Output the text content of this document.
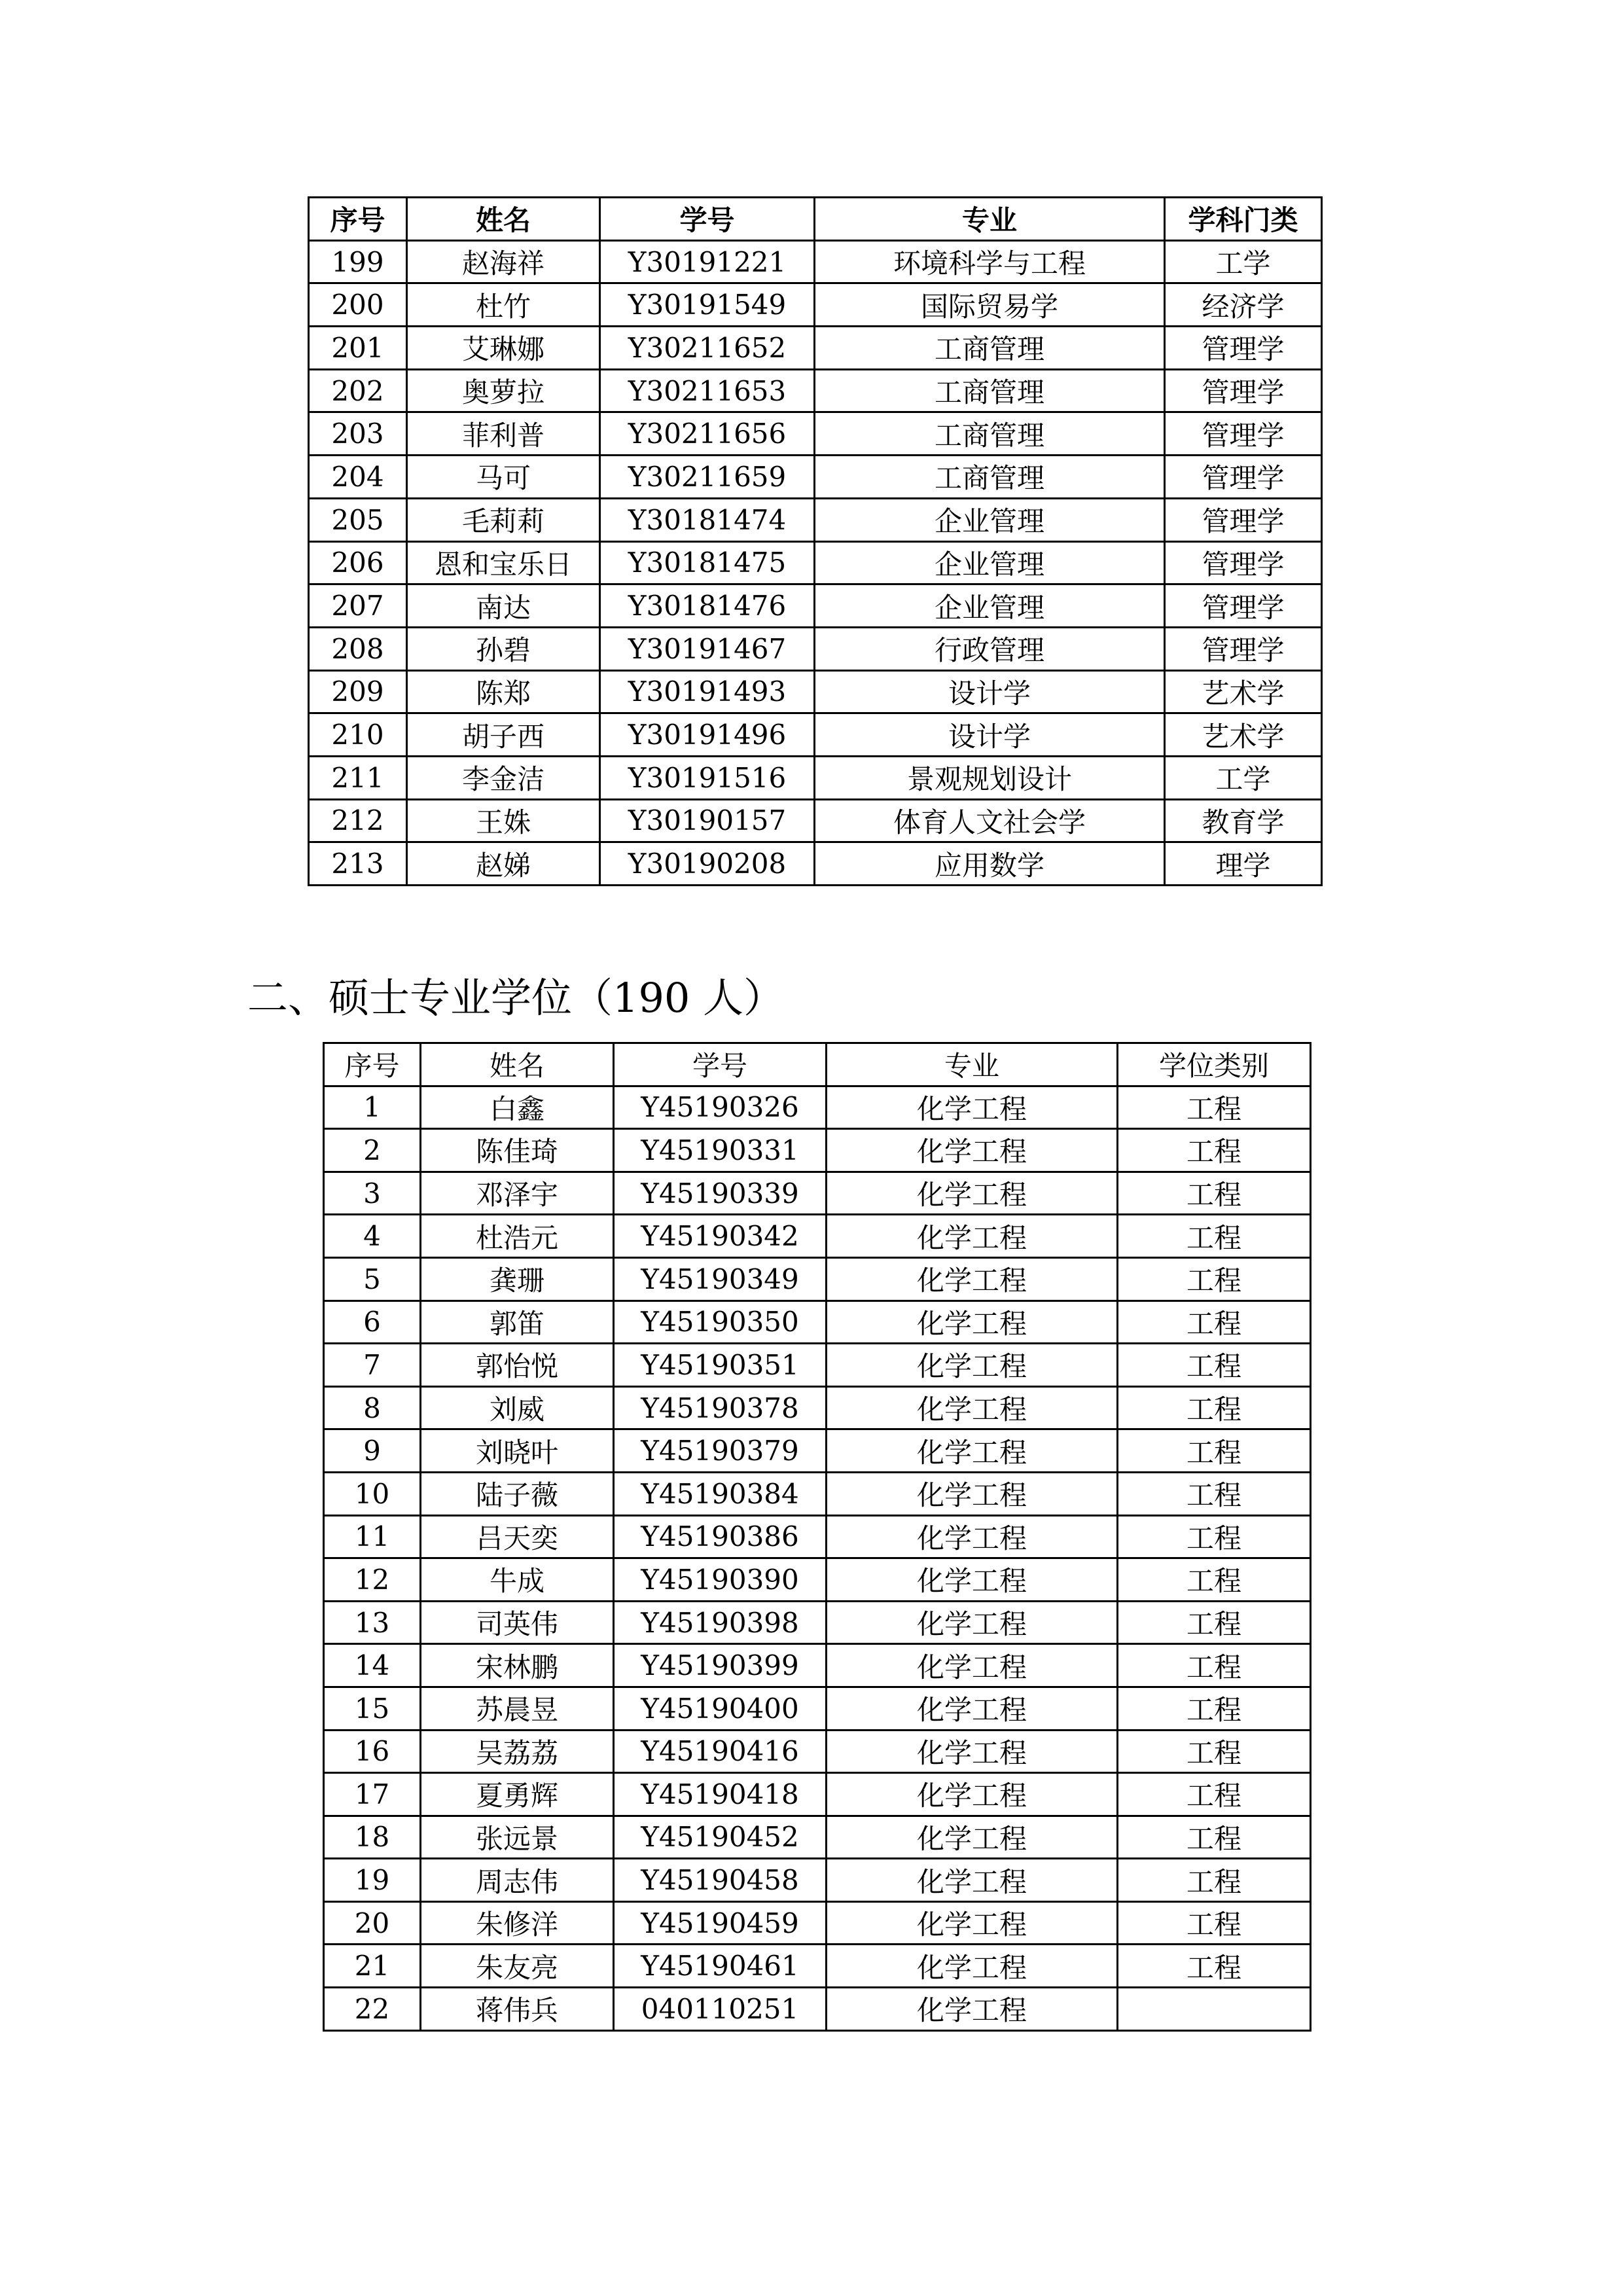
序号	姓名	学号	专业	学科门类
199	赵海祥	Y30191221	环境科学与工程	工学
200	杜竹	Y30191549	国际贸易学	经济学
201	艾琳娜	Y30211652	工商管理	管理学
202	奥萝拉	Y30211653	工商管理	管理学
203	菲利普	Y30211656	工商管理	管理学
204	马可	Y30211659	工商管理	管理学
205	毛莉莉	Y30181474	企业管理	管理学
206	恩和宝乐日	Y30181475	企业管理	管理学
207	南达	Y30181476	企业管理	管理学
208	孙碧	Y30191467	行政管理	管理学
209	陈郑	Y30191493	设计学	艺术学
210	胡子西	Y30191496	设计学	艺术学
211	李金洁	Y30191516	景观规划设计	工学
212	王姝	Y30190157	体育人文社会学	教育学
213	赵娣	Y30190208	应用数学	理学
二、硕士专业学位（190 人）
序号	姓名	学号	专业	学位类别
1	白鑫	Y45190326	化学工程	工程
2	陈佳琦	Y45190331	化学工程	工程
3	邓泽宇	Y45190339	化学工程	工程
4	杜浩元	Y45190342	化学工程	工程
5	龚珊	Y45190349	化学工程	工程
6	郭笛	Y45190350	化学工程	工程
7	郭怡悦	Y45190351	化学工程	工程
8	刘威	Y45190378	化学工程	工程
9	刘晓叶	Y45190379	化学工程	工程
10	陆子薇	Y45190384	化学工程	工程
11	吕天奕	Y45190386	化学工程	工程
12	牛成	Y45190390	化学工程	工程
13	司英伟	Y45190398	化学工程	工程
14	宋林鹏	Y45190399	化学工程	工程
15	苏晨昱	Y45190400	化学工程	工程
16	吴荔荔	Y45190416	化学工程	工程
17	夏勇辉	Y45190418	化学工程	工程
18	张远景	Y45190452	化学工程	工程
19	周志伟	Y45190458	化学工程	工程
20	朱修洋	Y45190459	化学工程	工程
21	朱友亮	Y45190461	化学工程	工程
22	蒋伟兵	040110251	化学工程	
